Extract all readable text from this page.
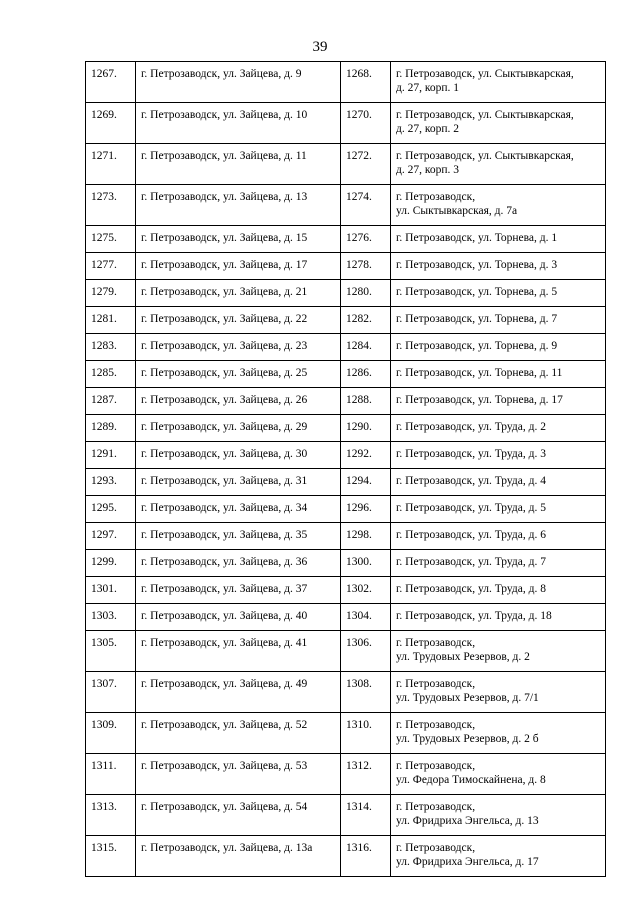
39
1267.	г. Петрозаводск, ул. Зайцева, д. 9	1268.	г. Петрозаводск, ул. Сыктывкарская,
д. 27, корп. 1

1269.	г. Петрозаводск, ул. Зайцева, д. 10	1270.	г. Петрозаводск, ул. Сыктывкарская,
д. 27, корп. 2

1271.	г. Петрозаводск, ул. Зайцева, д. 11	1272.	г. Петрозаводск, ул. Сыктывкарская,
д. 27, корп. 3

1273.	г. Петрозаводск, ул. Зайцева, д. 13	1274.	г. Петрозаводск,
ул. Сыктывкарская, д. 7а

1275.	г. Петрозаводск, ул. Зайцева, д. 15	1276.	г. Петрозаводск, ул. Торнева, д. 1

1277.	г. Петрозаводск, ул. Зайцева, д. 17	1278.	г. Петрозаводск, ул. Торнева, д. 3

1279.	г. Петрозаводск, ул. Зайцева, д. 21	1280.	г. Петрозаводск, ул. Торнева, д. 5

1281.	г. Петрозаводск, ул. Зайцева, д. 22	1282.	г. Петрозаводск, ул. Торнева, д. 7

1283.	г. Петрозаводск, ул. Зайцева, д. 23	1284.	г. Петрозаводск, ул. Торнева, д. 9

1285.	г. Петрозаводск, ул. Зайцева, д. 25	1286.	г. Петрозаводск, ул. Торнева, д. 11

1287.	г. Петрозаводск, ул. Зайцева, д. 26	1288.	г. Петрозаводск, ул. Торнева, д. 17

1289.	г. Петрозаводск, ул. Зайцева, д. 29	1290.	г. Петрозаводск, ул. Труда, д. 2

1291.	г. Петрозаводск, ул. Зайцева, д. 30	1292.	г. Петрозаводск, ул. Труда, д. 3

1293.	г. Петрозаводск, ул. Зайцева, д. 31	1294.	г. Петрозаводск, ул. Труда, д. 4

1295.	г. Петрозаводск, ул. Зайцева, д. 34	1296.	г. Петрозаводск, ул. Труда, д. 5

1297.	г. Петрозаводск, ул. Зайцева, д. 35	1298.	г. Петрозаводск, ул. Труда, д. 6

1299.	г. Петрозаводск, ул. Зайцева, д. 36	1300.	г. Петрозаводск, ул. Труда, д. 7

1301.	г. Петрозаводск, ул. Зайцева, д. 37	1302.	г. Петрозаводск, ул. Труда, д. 8

1303.	г. Петрозаводск, ул. Зайцева, д. 40	1304.	г. Петрозаводск, ул. Труда, д. 18

1305.	г. Петрозаводск, ул. Зайцева, д. 41	1306.	г. Петрозаводск,
ул. Трудовых Резервов, д. 2

1307.	г. Петрозаводск, ул. Зайцева, д. 49	1308.	г. Петрозаводск,
ул. Трудовых Резервов, д. 7/1

1309.	г. Петрозаводск, ул. Зайцева, д. 52	1310.	г. Петрозаводск,
ул. Трудовых Резервов, д. 2 б

1311.	г. Петрозаводск, ул. Зайцева, д. 53	1312.	г. Петрозаводск,
ул. Федора Тимоскайнена, д. 8

1313.	г. Петрозаводск, ул. Зайцева, д. 54	1314.	г. Петрозаводск,
ул. Фридриха Энгельса, д. 13

1315.	г. Петрозаводск, ул. Зайцева, д. 13а	1316.	г. Петрозаводск,
ул. Фридриха Энгельса, д. 17
